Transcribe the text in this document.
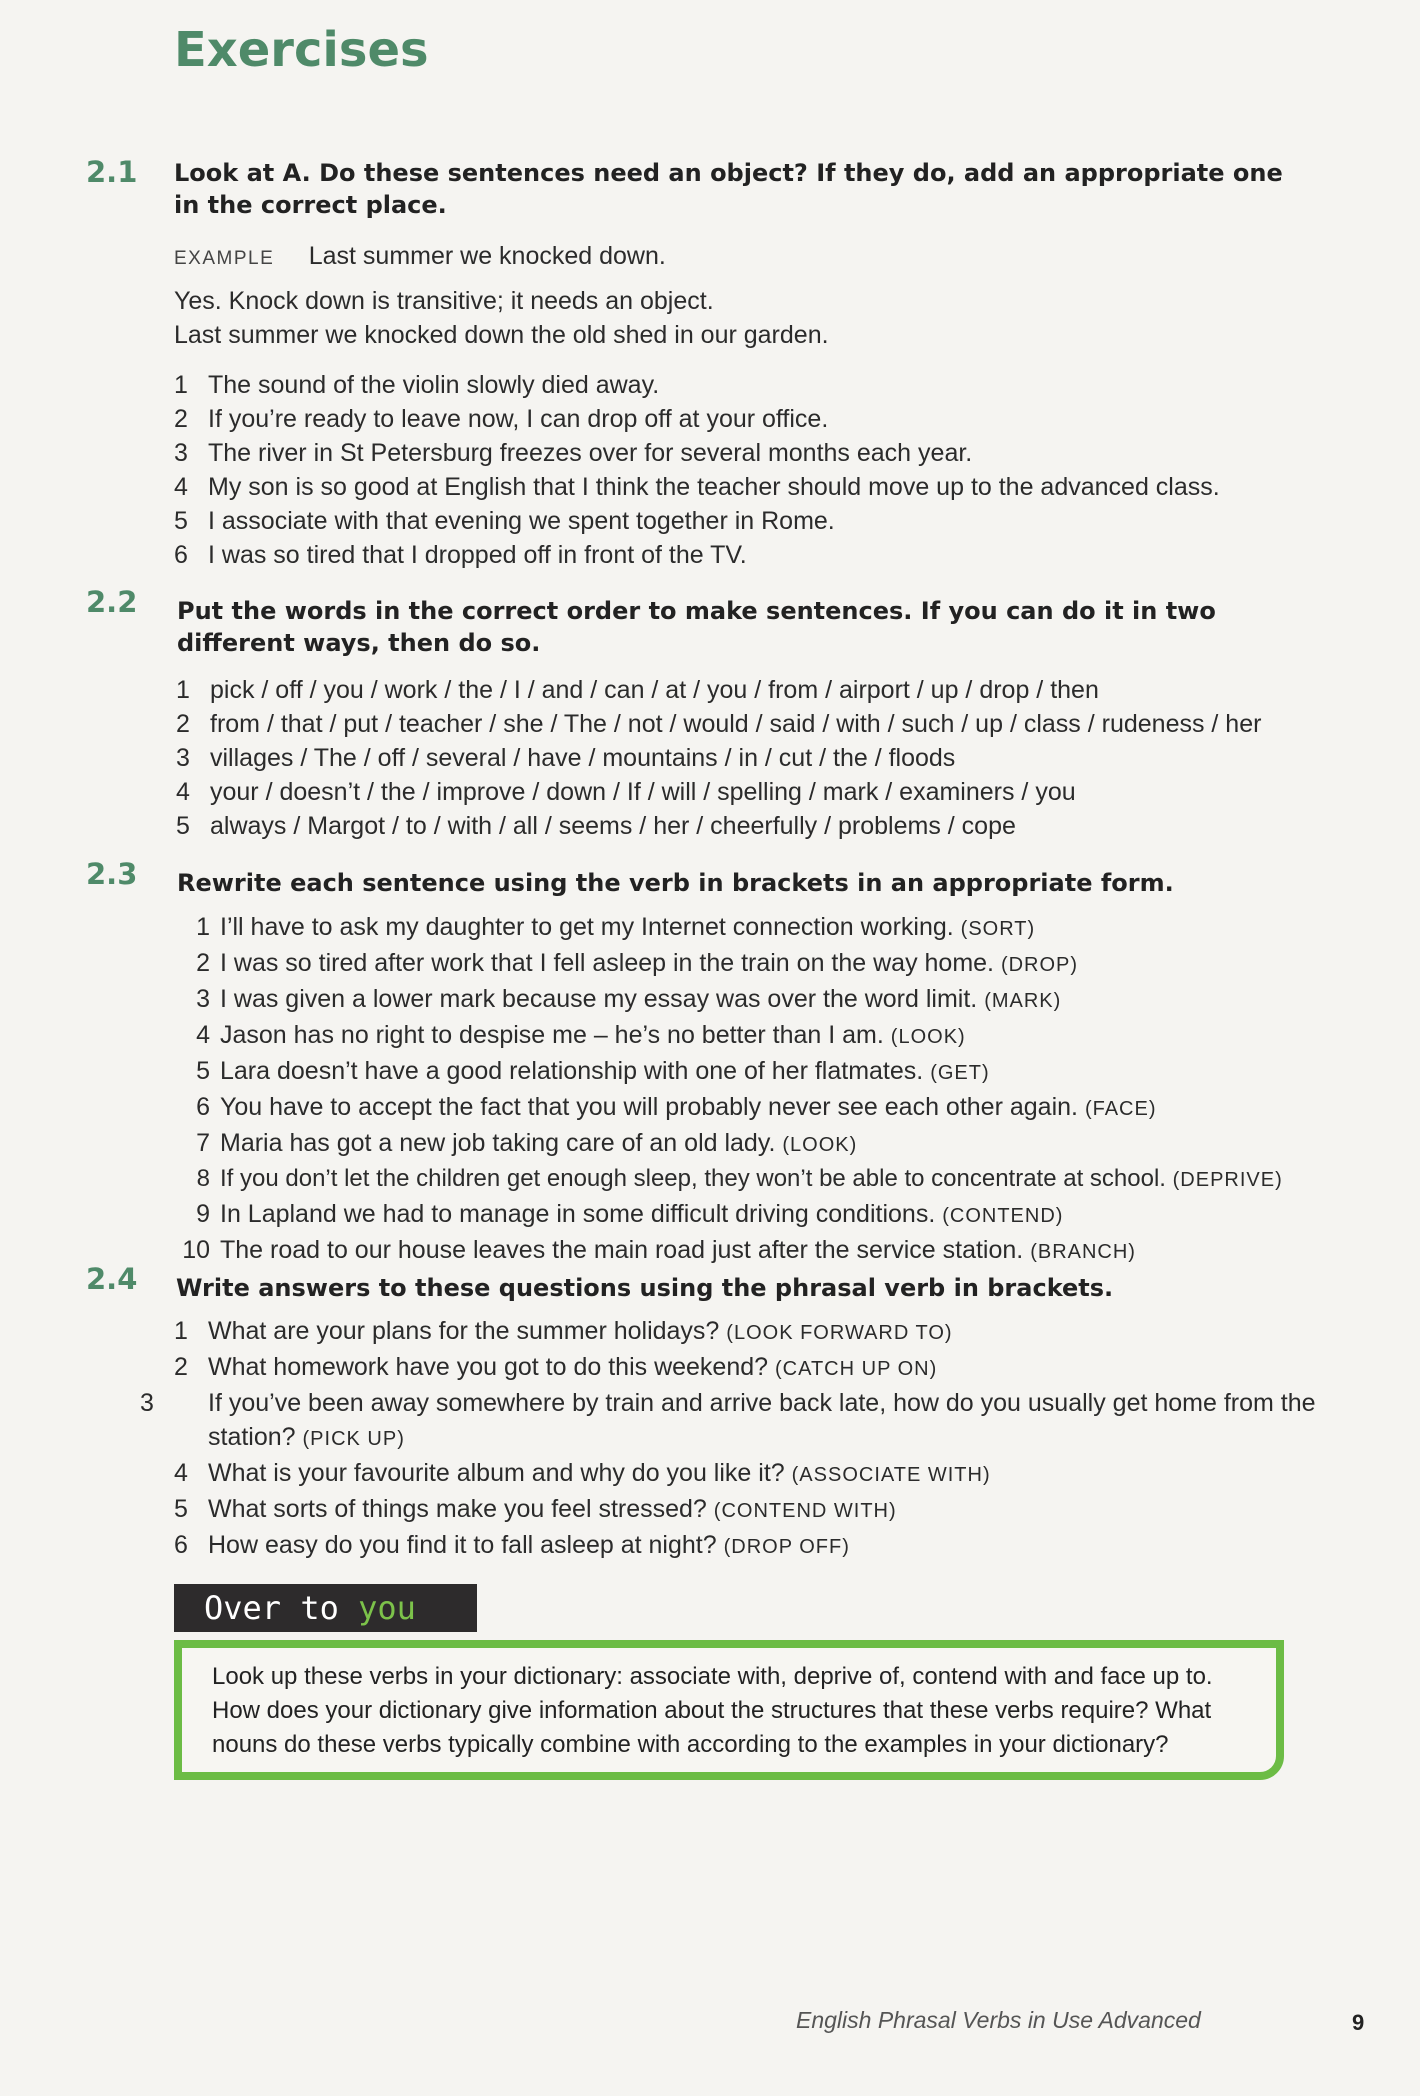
Exercises
2.1 Look at A. Do these sentences need an object? If they do, add an appropriate one in the correct place.
EXAMPLE Last summer we knocked down.
Yes. Knock down is transitive; it needs an object.
Last summer we knocked down the old shed in our garden.
1 The sound of the violin slowly died away.
2 If you’re ready to leave now, I can drop off at your office.
3 The river in St Petersburg freezes over for several months each year.
4 My son is so good at English that I think the teacher should move up to the advanced class.
5 I associate with that evening we spent together in Rome.
6 I was so tired that I dropped off in front of the TV.
2.2 Put the words in the correct order to make sentences. If you can do it in two different ways, then do so.
1 pick / off / you / work / the / I / and / can / at / you / from / airport / up / drop / then
2 from / that / put / teacher / she / The / not / would / said / with / such / up / class / rudeness / her
3 villages / The / off / several / have / mountains / in / cut / the / floods
4 your / doesn’t / the / improve / down / If / will / spelling / mark / examiners / you
5 always / Margot / to / with / all / seems / her / cheerfully / problems / cope
2.3 Rewrite each sentence using the verb in brackets in an appropriate form.
1 I’ll have to ask my daughter to get my Internet connection working. (SORT)
2 I was so tired after work that I fell asleep in the train on the way home. (DROP)
3 I was given a lower mark because my essay was over the word limit. (MARK)
4 Jason has no right to despise me – he’s no better than I am. (LOOK)
5 Lara doesn’t have a good relationship with one of her flatmates. (GET)
6 You have to accept the fact that you will probably never see each other again. (FACE)
7 Maria has got a new job taking care of an old lady. (LOOK)
8 If you don’t let the children get enough sleep, they won’t be able to concentrate at school. (DEPRIVE)
9 In Lapland we had to manage in some difficult driving conditions. (CONTEND)
10 The road to our house leaves the main road just after the service station. (BRANCH)
2.4 Write answers to these questions using the phrasal verb in brackets.
1 What are your plans for the summer holidays? (LOOK FORWARD TO)
2 What homework have you got to do this weekend? (CATCH UP ON)
3 If you’ve been away somewhere by train and arrive back late, how do you usually get home from the station? (PICK UP)
4 What is your favourite album and why do you like it? (ASSOCIATE WITH)
5 What sorts of things make you feel stressed? (CONTEND WITH)
6 How easy do you find it to fall asleep at night? (DROP OFF)
Over to you
Look up these verbs in your dictionary: associate with, deprive of, contend with and face up to.
How does your dictionary give information about the structures that these verbs require? What
nouns do these verbs typically combine with according to the examples in your dictionary?
English Phrasal Verbs in Use Advanced	9
